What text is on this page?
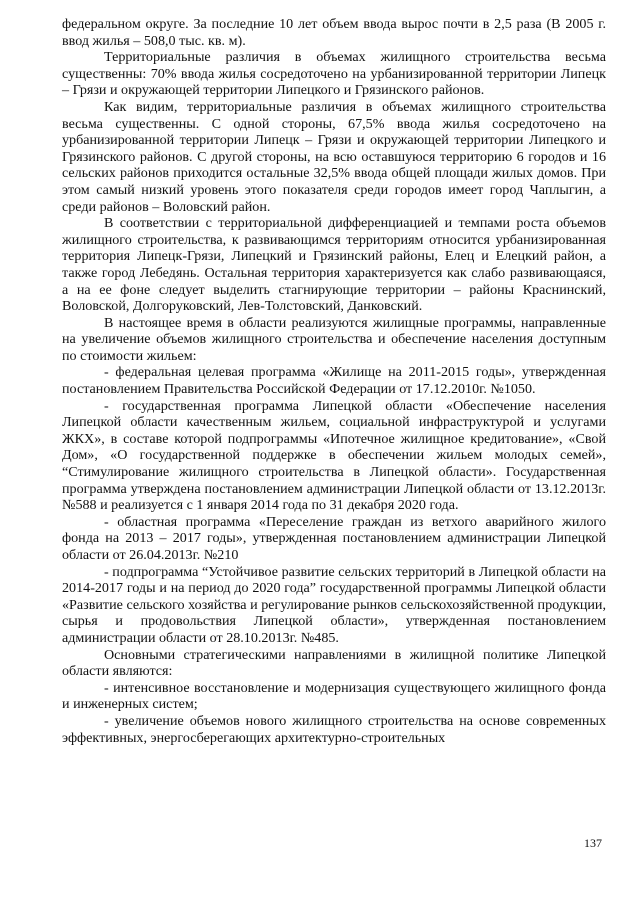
федеральном округе. За последние 10 лет объем ввода вырос почти в 2,5 раза (В 2005 г. ввод жилья – 508,0 тыс. кв. м).

Территориальные различия в объемах жилищного строительства весьма существенны: 70% ввода жилья сосредоточено на урбанизированной территории Липецк – Грязи и окружающей территории Липецкого и Грязинского районов.

Как видим, территориальные различия в объемах жилищного строительства весьма существенны. С одной стороны, 67,5% ввода жилья сосредоточено на урбанизированной территории Липецк – Грязи и окружающей территории Липецкого и Грязинского районов. С другой стороны, на всю оставшуюся территорию 6 городов и 16 сельских районов приходится остальные 32,5% ввода общей площади жилых домов. При этом самый низкий уровень этого показателя среди городов имеет город Чаплыгин, а среди районов – Воловский район.

В соответствии с территориальной дифференциацией и темпами роста объемов жилищного строительства, к развивающимся территориям относится урбанизированная территория Липецк-Грязи, Липецкий и Грязинский районы, Елец и Елецкий район, а также город Лебедянь. Остальная территория характеризуется как слабо развивающаяся, а на ее фоне следует выделить стагнирующие территории – районы Краснинский, Воловской, Долгоруковский, Лев-Толстовский, Данковский.

В настоящее время в области реализуются жилищные программы, направленные на увеличение объемов жилищного строительства и обеспечение населения доступным по стоимости жильем:

- федеральная целевая программа «Жилище на 2011-2015 годы», утвержденная постановлением Правительства Российской Федерации от 17.12.2010г. №1050.

- государственная программа Липецкой области «Обеспечение населения Липецкой области качественным жильем, социальной инфраструктурой и услугами ЖКХ», в составе которой подпрограммы «Ипотечное жилищное кредитование», «Свой Дом», «О государственной поддержке в обеспечении жильем молодых семей», “Стимулирование жилищного строительства в Липецкой области». Государственная программа утверждена постановлением администрации Липецкой области от 13.12.2013г. №588 и реализуется с 1 января 2014 года по 31 декабря 2020 года.

- областная программа «Переселение граждан из ветхого аварийного жилого фонда на 2013 – 2017 годы», утвержденная постановлением администрации Липецкой области от 26.04.2013г. №210

- подпрограмма “Устойчивое развитие сельских территорий в Липецкой области на 2014-2017 годы и на период до 2020 года” государственной программы Липецкой области «Развитие сельского хозяйства и регулирование рынков сельскохозяйственной продукции, сырья и продовольствия Липецкой области», утвержденная постановлением администрации области от 28.10.2013г. №485.

Основными стратегическими направлениями в жилищной политике Липецкой области являются:

- интенсивное восстановление и модернизация существующего жилищного фонда и инженерных систем;

- увеличение объемов нового жилищного строительства на основе современных эффективных, энергосберегающих архитектурно-строительных

137
